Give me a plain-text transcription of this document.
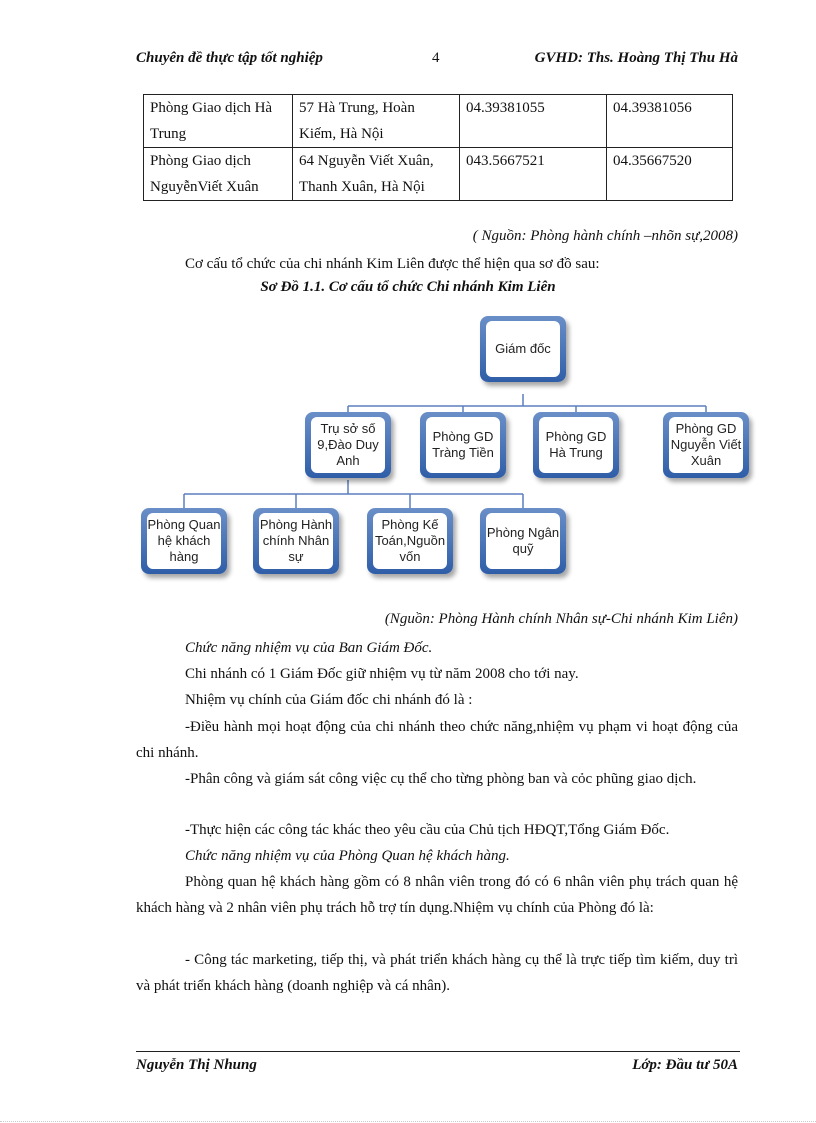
Chuyên đề thực tập tốt nghiệp	4	GVHD: Ths. Hoàng Thị Thu Hà
Phòng Giao dịch Hà Trung	57 Hà Trung, Hoàn Kiếm, Hà Nội	04.39381055	04.39381056
Phòng Giao dịch NguyễnViết Xuân	64 Nguyễn Viết Xuân, Thanh Xuân, Hà Nội	043.5667521	04.35667520
( Nguồn: Phòng hành chính –nhõn sự,2008)
Cơ cấu tổ chức của chi nhánh Kim Liên được thể hiện qua sơ đồ sau:
Sơ Đồ 1.1. Cơ cấu tổ chức Chi nhánh Kim Liên
Giám đốc
Trụ sở số 9,Đào Duy Anh
Phòng GD Tràng Tiền
Phòng GD Hà Trung
Phòng GD Nguyễn Viết Xuân
Phòng Quan hệ khách hàng
Phòng Hành chính Nhân sự
Phòng Kế Toán,Nguồn vốn
Phòng Ngân quỹ
(Nguồn: Phòng Hành chính Nhân sự-Chi nhánh Kim Liên)
Chức năng nhiệm vụ của Ban Giám Đốc.
Chi nhánh có 1 Giám Đốc giữ nhiệm vụ từ năm 2008 cho tới nay.
Nhiệm vụ chính của Giám đốc chi nhánh đó là :
-Điều hành mọi hoạt động của chi nhánh theo chức năng,nhiệm vụ phạm vi hoạt động của chi nhánh.
-Phân công và giám sát công việc cụ thể cho từng phòng ban và cỏc phũng giao dịch.
-Thực hiện các công tác khác theo yêu cầu của Chủ tịch HĐQT,Tổng Giám Đốc.
Chức năng nhiệm vụ của Phòng Quan hệ khách hàng.
Phòng quan hệ khách hàng gồm có 8 nhân viên trong đó có 6 nhân viên phụ trách quan hệ khách hàng và 2 nhân viên phụ trách hỗ trợ tín dụng.Nhiệm vụ chính của Phòng đó là:
- Công tác marketing, tiếp thị, và phát triển khách hàng cụ thể là trực tiếp tìm kiếm, duy trì và phát triển khách hàng (doanh nghiệp và cá nhân).
Nguyễn Thị Nhung	Lớp: Đầu tư 50A
